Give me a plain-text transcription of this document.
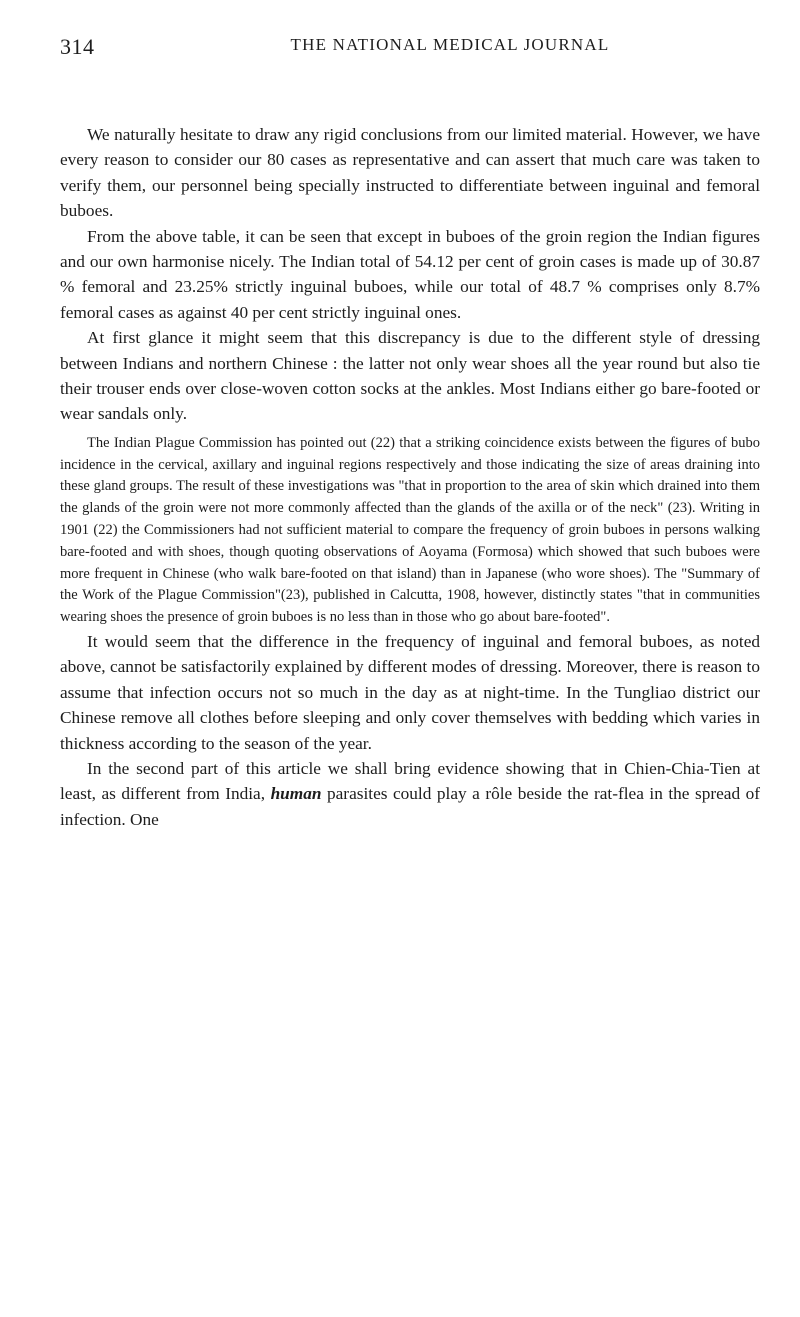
314	THE NATIONAL MEDICAL JOURNAL

We naturally hesitate to draw any rigid conclusions from our limited material. However, we have every reason to consider our 80 cases as representative and can assert that much care was taken to verify them, our personnel being specially instructed to differentiate between inguinal and femoral buboes.

From the above table, it can be seen that except in buboes of the groin region the Indian figures and our own harmonise nicely. The Indian total of 54.12 per cent of groin cases is made up of 30.87 % femoral and 23.25% strictly inguinal buboes, while our total of 48.7 % comprises only 8.7% femoral cases as against 40 per cent strictly inguinal ones.

At first glance it might seem that this discrepancy is due to the different style of dressing between Indians and northern Chinese : the latter not only wear shoes all the year round but also tie their trouser ends over close-woven cotton socks at the ankles. Most Indians either go bare-footed or wear sandals only.

The Indian Plague Commission has pointed out (22) that a striking coincidence exists between the figures of bubo incidence in the cervical, axillary and inguinal regions respectively and those indicating the size of areas draining into these gland groups. The result of these investigations was "that in proportion to the area of skin which drained into them the glands of the groin were not more commonly affected than the glands of the axilla or of the neck" (23). Writing in 1901 (22) the Commissioners had not sufficient material to compare the frequency of groin buboes in persons walking bare-footed and with shoes, though quoting observations of Aoyama (Formosa) which showed that such buboes were more frequent in Chinese (who walk bare-footed on that island) than in Japanese (who wore shoes). The "Summary of the Work of the Plague Commission"(23), published in Calcutta, 1908, however, distinctly states "that in communities wearing shoes the presence of groin buboes is no less than in those who go about bare-footed".

It would seem that the difference in the frequency of inguinal and femoral buboes, as noted above, cannot be satisfactorily explained by different modes of dressing. Moreover, there is reason to assume that infection occurs not so much in the day as at night-time. In the Tungliao district our Chinese remove all clothes before sleeping and only cover themselves with bedding which varies in thickness according to the season of the year.

In the second part of this article we shall bring evidence showing that in Chien-Chia-Tien at least, as different from India, human parasites could play a rôle beside the rat-flea in the spread of infection. One
